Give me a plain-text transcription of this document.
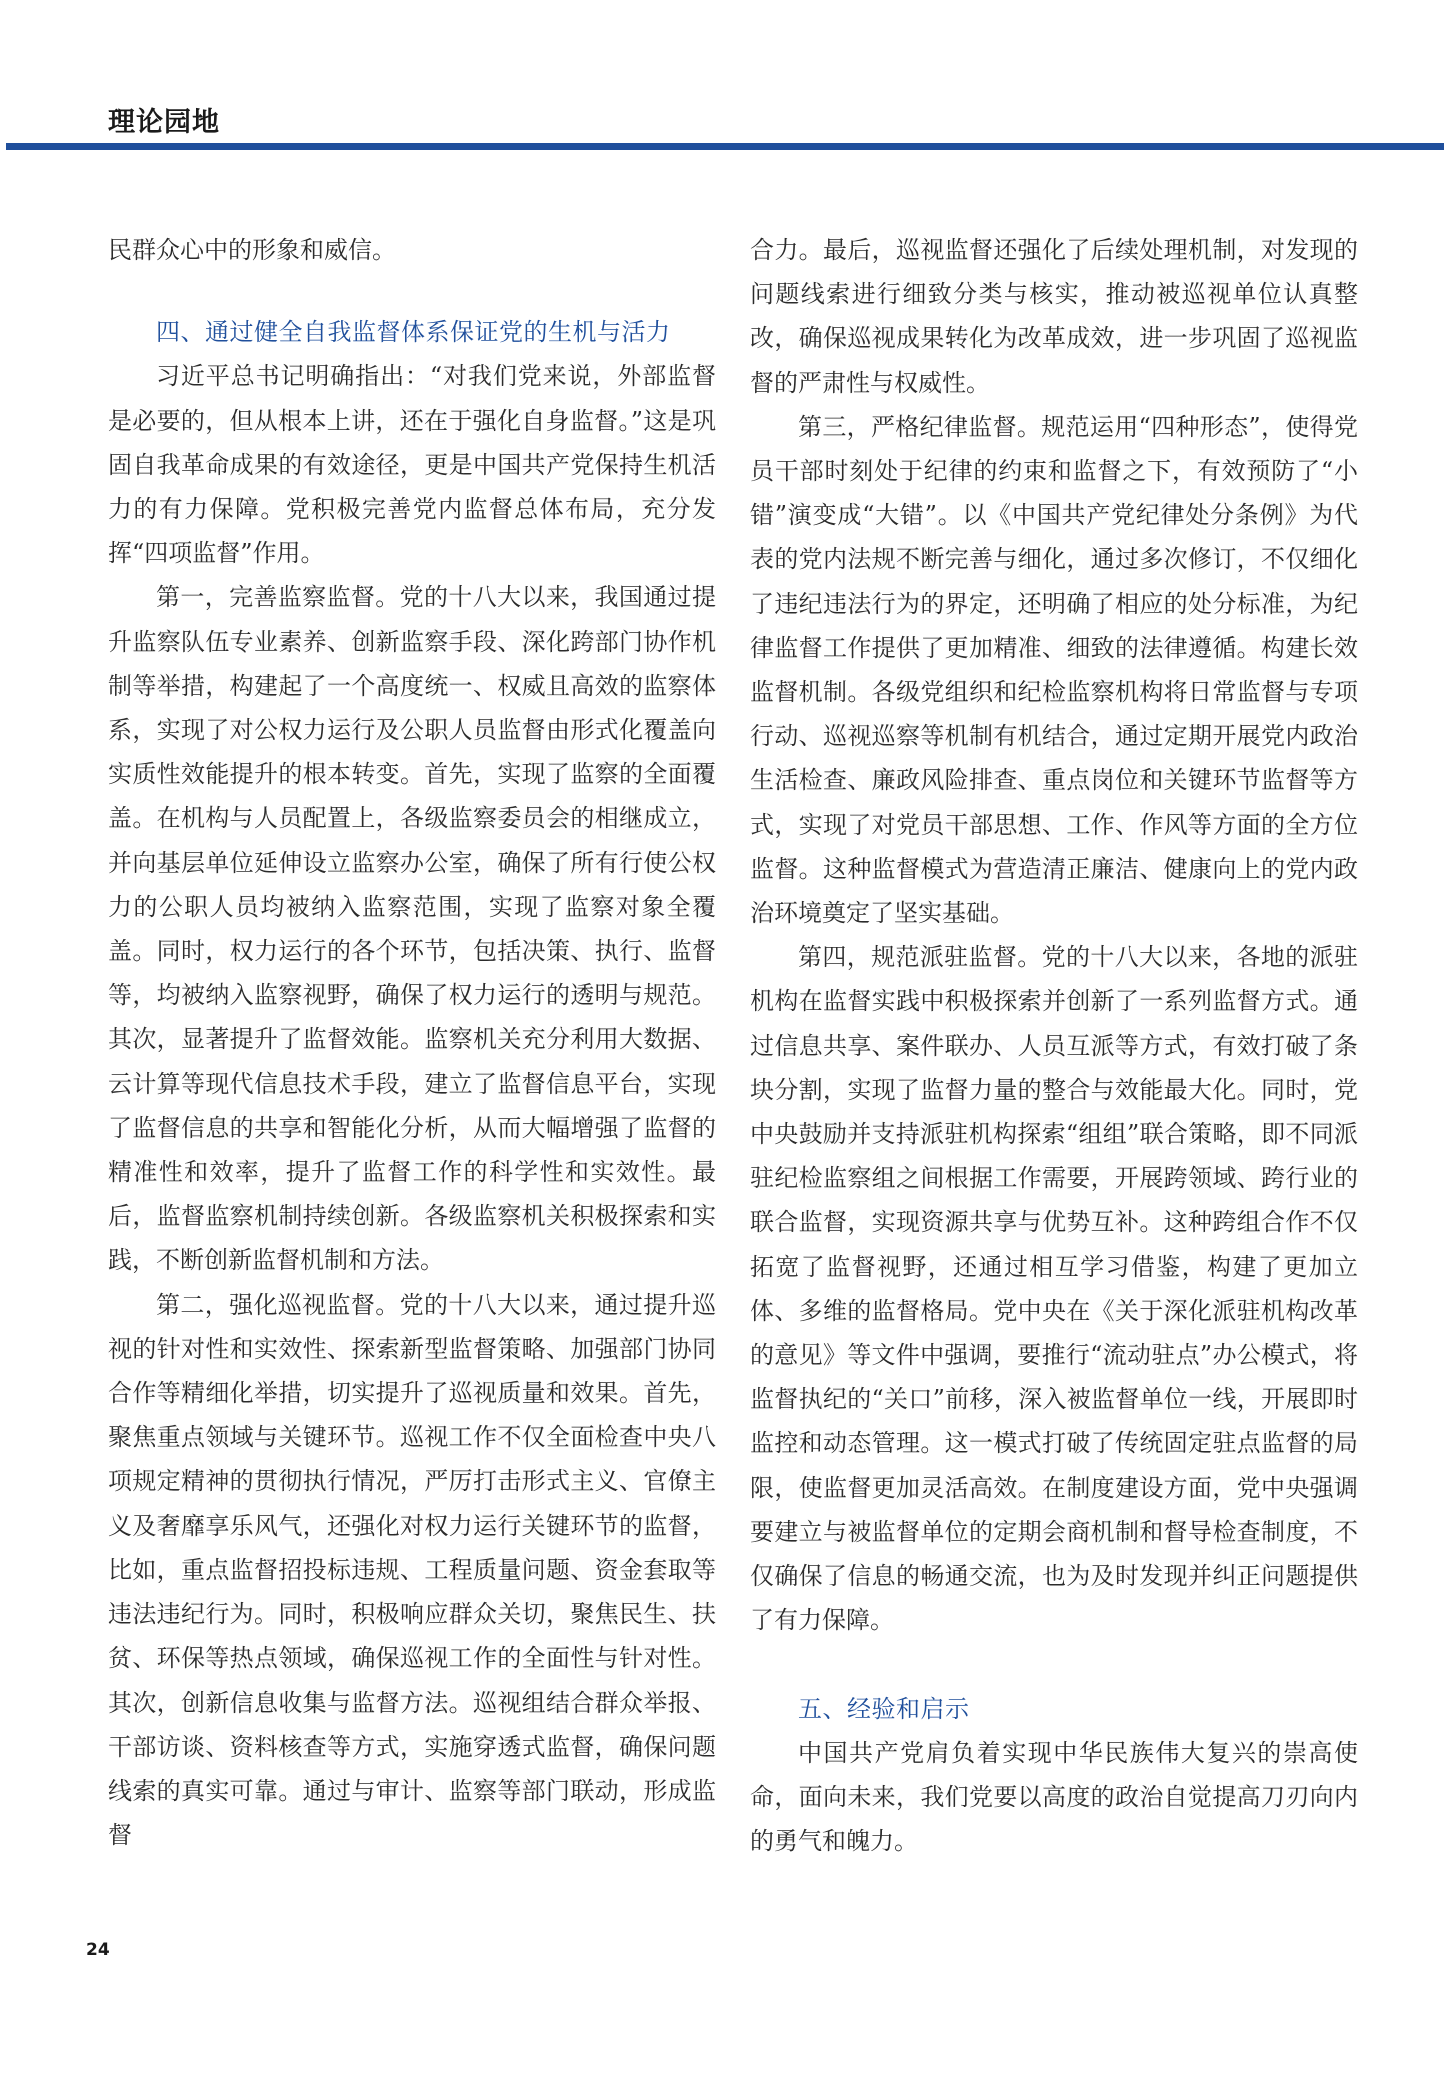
理论园地

民群众心中的形象和威信。

四、通过健全自我监督体系保证党的生机与活力

习近平总书记明确指出：“对我们党来说，外部监督是必要的，但从根本上讲，还在于强化自身监督。”这是巩固自我革命成果的有效途径，更是中国共产党保持生机活力的有力保障。党积极完善党内监督总体布局，充分发挥“四项监督”作用。

第一，完善监察监督。党的十八大以来，我国通过提升监察队伍专业素养、创新监察手段、深化跨部门协作机制等举措，构建起了一个高度统一、权威且高效的监察体系，实现了对公权力运行及公职人员监督由形式化覆盖向实质性效能提升的根本转变。首先，实现了监察的全面覆盖。在机构与人员配置上，各级监察委员会的相继成立，并向基层单位延伸设立监察办公室，确保了所有行使公权力的公职人员均被纳入监察范围，实现了监察对象全覆盖。同时，权力运行的各个环节，包括决策、执行、监督等，均被纳入监察视野，确保了权力运行的透明与规范。其次，显著提升了监督效能。监察机关充分利用大数据、云计算等现代信息技术手段，建立了监督信息平台，实现了监督信息的共享和智能化分析，从而大幅增强了监督的精准性和效率，提升了监督工作的科学性和实效性。最后，监督监察机制持续创新。各级监察机关积极探索和实践，不断创新监督机制和方法。

第二，强化巡视监督。党的十八大以来，通过提升巡视的针对性和实效性、探索新型监督策略、加强部门协同合作等精细化举措，切实提升了巡视质量和效果。首先，聚焦重点领域与关键环节。巡视工作不仅全面检查中央八项规定精神的贯彻执行情况，严厉打击形式主义、官僚主义及奢靡享乐风气，还强化对权力运行关键环节的监督，比如，重点监督招投标违规、工程质量问题、资金套取等违法违纪行为。同时，积极响应群众关切，聚焦民生、扶贫、环保等热点领域，确保巡视工作的全面性与针对性。其次，创新信息收集与监督方法。巡视组结合群众举报、干部访谈、资料核查等方式，实施穿透式监督，确保问题线索的真实可靠。通过与审计、监察等部门联动，形成监督

合力。最后，巡视监督还强化了后续处理机制，对发现的问题线索进行细致分类与核实，推动被巡视单位认真整改，确保巡视成果转化为改革成效，进一步巩固了巡视监督的严肃性与权威性。

第三，严格纪律监督。规范运用“四种形态”，使得党员干部时刻处于纪律的约束和监督之下，有效预防了“小错”演变成“大错”。以《中国共产党纪律处分条例》为代表的党内法规不断完善与细化，通过多次修订，不仅细化了违纪违法行为的界定，还明确了相应的处分标准，为纪律监督工作提供了更加精准、细致的法律遵循。构建长效监督机制。各级党组织和纪检监察机构将日常监督与专项行动、巡视巡察等机制有机结合，通过定期开展党内政治生活检查、廉政风险排查、重点岗位和关键环节监督等方式，实现了对党员干部思想、工作、作风等方面的全方位监督。这种监督模式为营造清正廉洁、健康向上的党内政治环境奠定了坚实基础。

第四，规范派驻监督。党的十八大以来，各地的派驻机构在监督实践中积极探索并创新了一系列监督方式。通过信息共享、案件联办、人员互派等方式，有效打破了条块分割，实现了监督力量的整合与效能最大化。同时，党中央鼓励并支持派驻机构探索“组组”联合策略，即不同派驻纪检监察组之间根据工作需要，开展跨领域、跨行业的联合监督，实现资源共享与优势互补。这种跨组合作不仅拓宽了监督视野，还通过相互学习借鉴，构建了更加立体、多维的监督格局。党中央在《关于深化派驻机构改革的意见》等文件中强调，要推行“流动驻点”办公模式，将监督执纪的“关口”前移，深入被监督单位一线，开展即时监控和动态管理。这一模式打破了传统固定驻点监督的局限，使监督更加灵活高效。在制度建设方面，党中央强调要建立与被监督单位的定期会商机制和督导检查制度，不仅确保了信息的畅通交流，也为及时发现并纠正问题提供了有力保障。

五、经验和启示

中国共产党肩负着实现中华民族伟大复兴的崇高使命，面向未来，我们党要以高度的政治自觉提高刀刃向内的勇气和魄力。

24
